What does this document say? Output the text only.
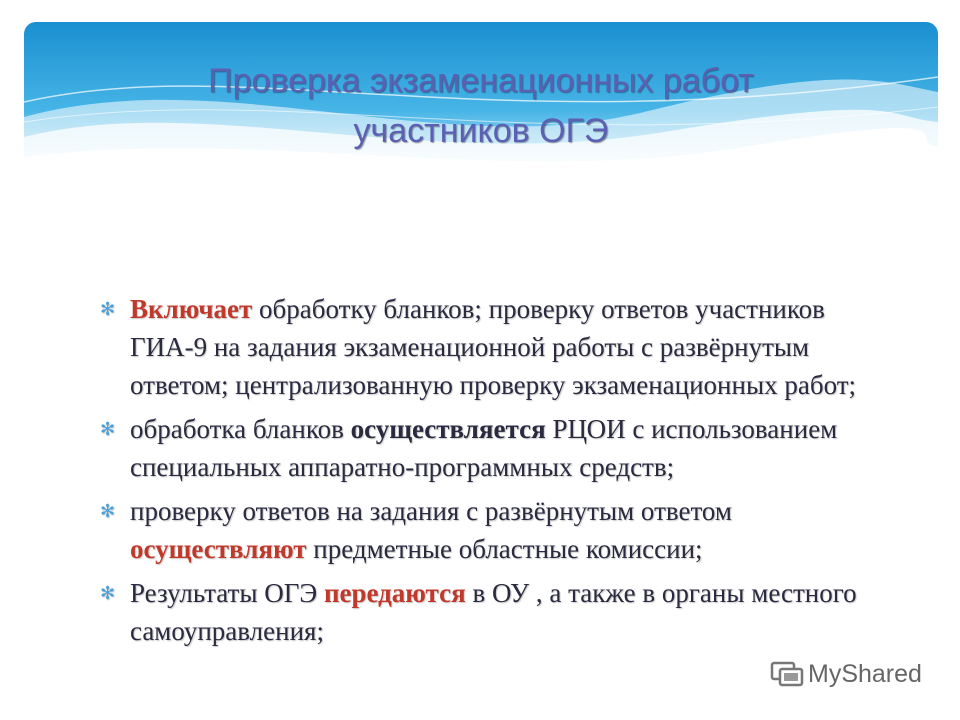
Проверка экзаменационных работ
участников ОГЭ
✻ Включает обработку бланков; проверку ответов участников ГИА-9 на задания экзаменационной работы с развёрнутым ответом; централизованную проверку экзаменационных работ;
✻ обработка бланков осуществляется РЦОИ с использованием специальных аппаратно-программных средств;
✻ проверку ответов на задания с развёрнутым ответом осуществляют предметные областные комиссии;
✻ Результаты ОГЭ передаются в ОУ , а также в органы местного самоуправления;
MyShared
